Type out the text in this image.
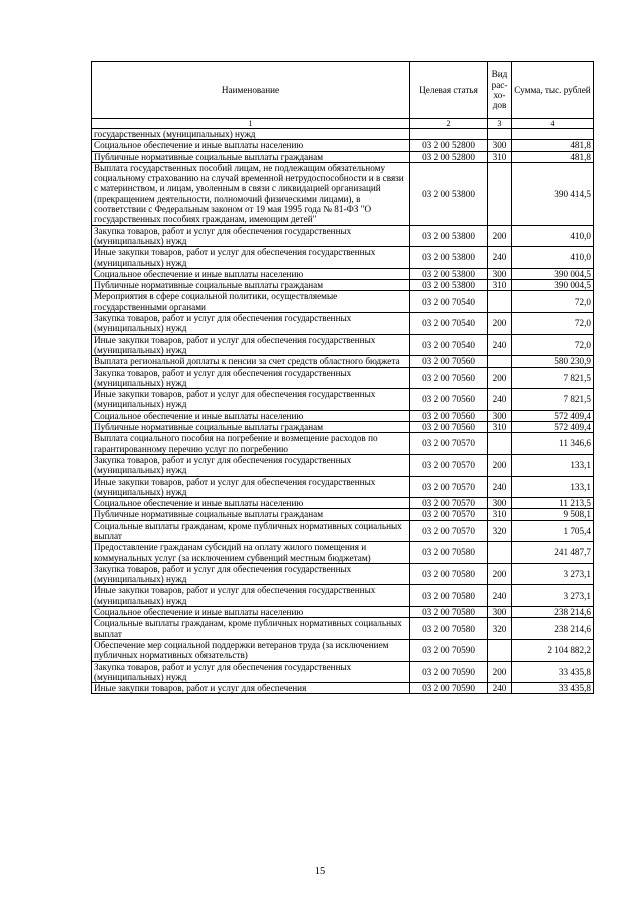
Наименование	Целевая статья	Вид рас-хо-дов	Сумма, тыс. рублей
1	2	3	4
государственных (муниципальных) нужд			
Социальное обеспечение и иные выплаты населению	03 2 00 52800	300	481,8
Публичные нормативные социальные выплаты гражданам	03 2 00 52800	310	481,8
Выплата государственных пособий лицам, не подлежащим обязательному социальному страхованию на случай временной нетрудоспособности и в связи с материнством, и лицам, уволенным в связи с ликвидацией организаций (прекращением деятельности, полномочий физическими лицами), в соответствии с Федеральным законом от 19 мая 1995 года № 81-ФЗ "О государственных пособиях гражданам, имеющим детей"	03 2 00 53800		390 414,5
Закупка товаров, работ и услуг для обеспечения государственных (муниципальных) нужд	03 2 00 53800	200	410,0
Иные закупки товаров, работ и услуг для обеспечения государственных (муниципальных) нужд	03 2 00 53800	240	410,0
Социальное обеспечение и иные выплаты населению	03 2 00 53800	300	390 004,5
Публичные нормативные социальные выплаты гражданам	03 2 00 53800	310	390 004,5
Мероприятия в сфере социальной политики, осуществляемые государственными органами	03 2 00 70540		72,0
Закупка товаров, работ и услуг для обеспечения государственных (муниципальных) нужд	03 2 00 70540	200	72,0
Иные закупки товаров, работ и услуг для обеспечения государственных (муниципальных) нужд	03 2 00 70540	240	72,0
Выплата региональной доплаты к пенсии за счет средств областного бюджета	03 2 00 70560		580 230,9
Закупка товаров, работ и услуг для обеспечения государственных (муниципальных) нужд	03 2 00 70560	200	7 821,5
Иные закупки товаров, работ и услуг для обеспечения государственных (муниципальных) нужд	03 2 00 70560	240	7 821,5
Социальное обеспечение и иные выплаты населению	03 2 00 70560	300	572 409,4
Публичные нормативные социальные выплаты гражданам	03 2 00 70560	310	572 409,4
Выплата социального пособия на погребение и возмещение расходов по гарантированному перечню услуг по погребению	03 2 00 70570		11 346,6
Закупка товаров, работ и услуг для обеспечения государственных (муниципальных) нужд	03 2 00 70570	200	133,1
Иные закупки товаров, работ и услуг для обеспечения государственных (муниципальных) нужд	03 2 00 70570	240	133,1
Социальное обеспечение и иные выплаты населению	03 2 00 70570	300	11 213,5
Публичные нормативные социальные выплаты гражданам	03 2 00 70570	310	9 508,1
Социальные выплаты гражданам, кроме публичных нормативных социальных выплат	03 2 00 70570	320	1 705,4
Предоставление гражданам субсидий на оплату жилого помещения и коммунальных услуг (за исключением субвенций местным бюджетам)	03 2 00 70580		241 487,7
Закупка товаров, работ и услуг для обеспечения государственных (муниципальных) нужд	03 2 00 70580	200	3 273,1
Иные закупки товаров, работ и услуг для обеспечения государственных (муниципальных) нужд	03 2 00 70580	240	3 273,1
Социальное обеспечение и иные выплаты населению	03 2 00 70580	300	238 214,6
Социальные выплаты гражданам, кроме публичных нормативных социальных выплат	03 2 00 70580	320	238 214,6
Обеспечение мер социальной поддержки ветеранов труда (за исключением публичных нормативных обязательств)	03 2 00 70590		2 104 882,2
Закупка товаров, работ и услуг для обеспечения государственных (муниципальных) нужд	03 2 00 70590	200	33 435,8
Иные закупки товаров, работ и услуг для обеспечения	03 2 00 70590	240	33 435,8
15
